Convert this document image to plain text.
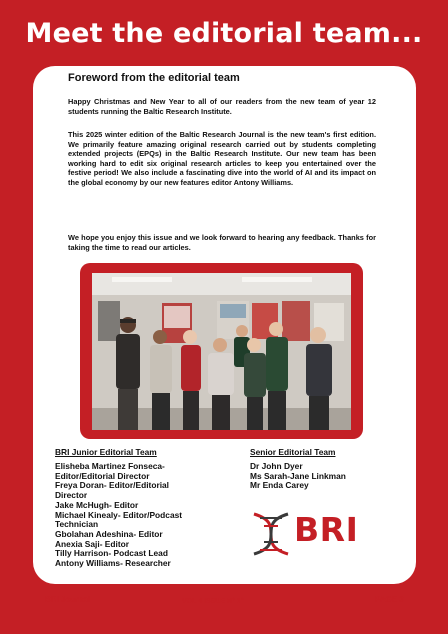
Meet the editorial team...
Foreword from the editorial team

Happy Christmas and New Year to all of our readers from the new team of year 12 students running the Baltic Research Institute.

This 2025 winter edition of the Baltic Research Journal is the new team's first edition. We primarily feature amazing original research carried out by students completing extended projects (EPQs) in the Baltic Research Institute. Our new team has been working hard to edit six original research articles to keep you entertained over the festive period! We also include a fascinating dive into the world of AI and its impact on the global economy by our new features editor Antony Williams.

We hope you enjoy this issue and we look forward to hearing any feedback. Thanks for taking the time to read our articles.

BRI Junior Editorial Team
Elisheba Martinez Fonseca-
Editor/Editorial Director
Freya Doran- Editor/Editorial
Director
Jake McHugh- Editor
Michael Kinealy- Editor/Podcast
Technician
Gbolahan Adeshina- Editor
Anexia Saji- Editor
Tilly Harrison- Podcast Lead
Antony Williams- Researcher
Senior Editorial Team
Dr John Dyer
Ms Sarah-Jane Linkman
Mr Enda Carey
BRI
BRI Journal	VOL 4 ISSUE N° 1°	PAGE 3
